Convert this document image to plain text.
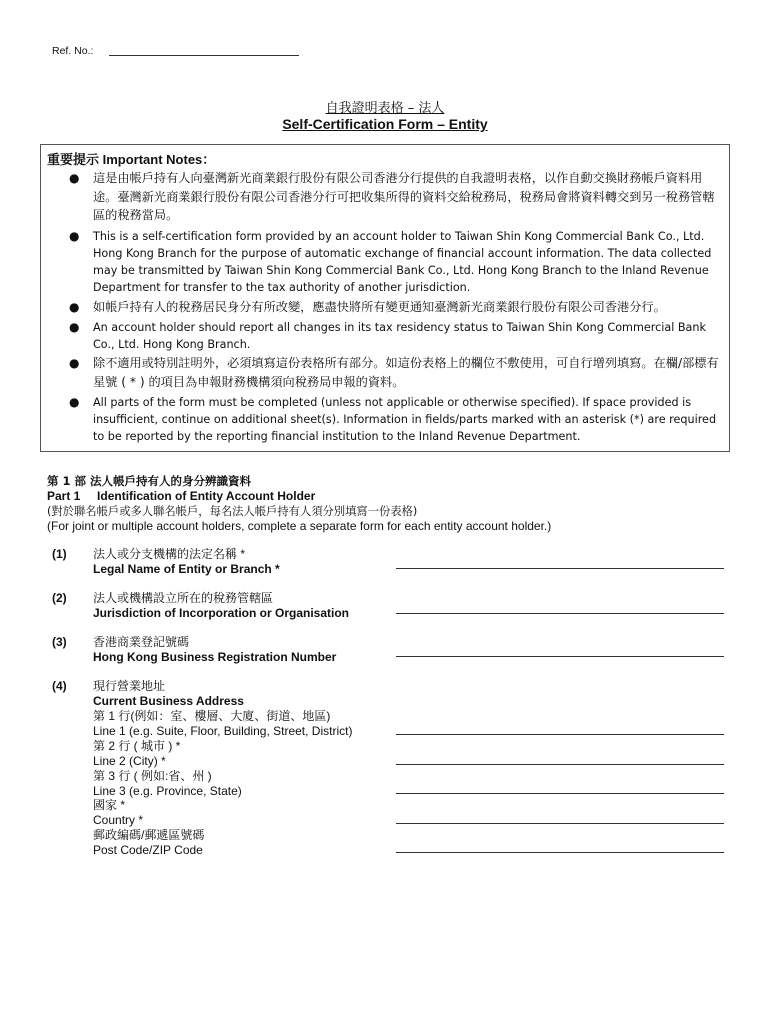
Ref. No.:
自我證明表格 – 法人
Self-Certification Form – Entity
重要提示 Important Notes：
● 這是由帳戶持有人向臺灣新光商業銀行股份有限公司香港分行提供的自我證明表格，以作自動交換財務帳戶資料用途。臺灣新光商業銀行股份有限公司香港分行可把收集所得的資料交給稅務局，稅務局會將資料轉交到另一稅務管轄區的稅務當局。
● This is a self-certification form provided by an account holder to Taiwan Shin Kong Commercial Bank Co., Ltd. Hong Kong Branch for the purpose of automatic exchange of financial account information. The data collected may be transmitted by Taiwan Shin Kong Commercial Bank Co., Ltd. Hong Kong Branch to the Inland Revenue Department for transfer to the tax authority of another jurisdiction.
● 如帳戶持有人的稅務居民身分有所改變，應盡快將所有變更通知臺灣新光商業銀行股份有限公司香港分行。
● An account holder should report all changes in its tax residency status to Taiwan Shin Kong Commercial Bank Co., Ltd. Hong Kong Branch.
● 除不適用或特別註明外，必須填寫這份表格所有部分。如這份表格上的欄位不敷使用，可自行增列填寫。在欄/部標有星號 ( * ) 的項目為申報財務機構須向稅務局申報的資料。
● All parts of the form must be completed (unless not applicable or otherwise specified). If space provided is insufficient, continue on additional sheet(s). Information in fields/parts marked with an asterisk (*) are required to be reported by the reporting financial institution to the Inland Revenue Department.
第 1 部 法人帳戶持有人的身分辨識資料
Part 1 Identification of Entity Account Holder
(對於聯名帳戶或多人聯名帳戶，每名法人帳戶持有人須分別填寫一份表格)
(For joint or multiple account holders, complete a separate form for each entity account holder.)
(1) 法人或分支機構的法定名稱 *
Legal Name of Entity or Branch *
(2) 法人或機構設立所在的稅務管轄區
Jurisdiction of Incorporation or Organisation
(3) 香港商業登記號碼
Hong Kong Business Registration Number
(4) 現行營業地址
Current Business Address
第 1 行(例如：室、樓層、大廈、街道、地區)
Line 1 (e.g. Suite, Floor, Building, Street, District)
第 2 行 ( 城市 ) *
Line 2 (City) *
第 3 行 ( 例如:省、州 )
Line 3 (e.g. Province, State)
國家 *
Country *
郵政編碼/郵遞區號碼
Post Code/ZIP Code
